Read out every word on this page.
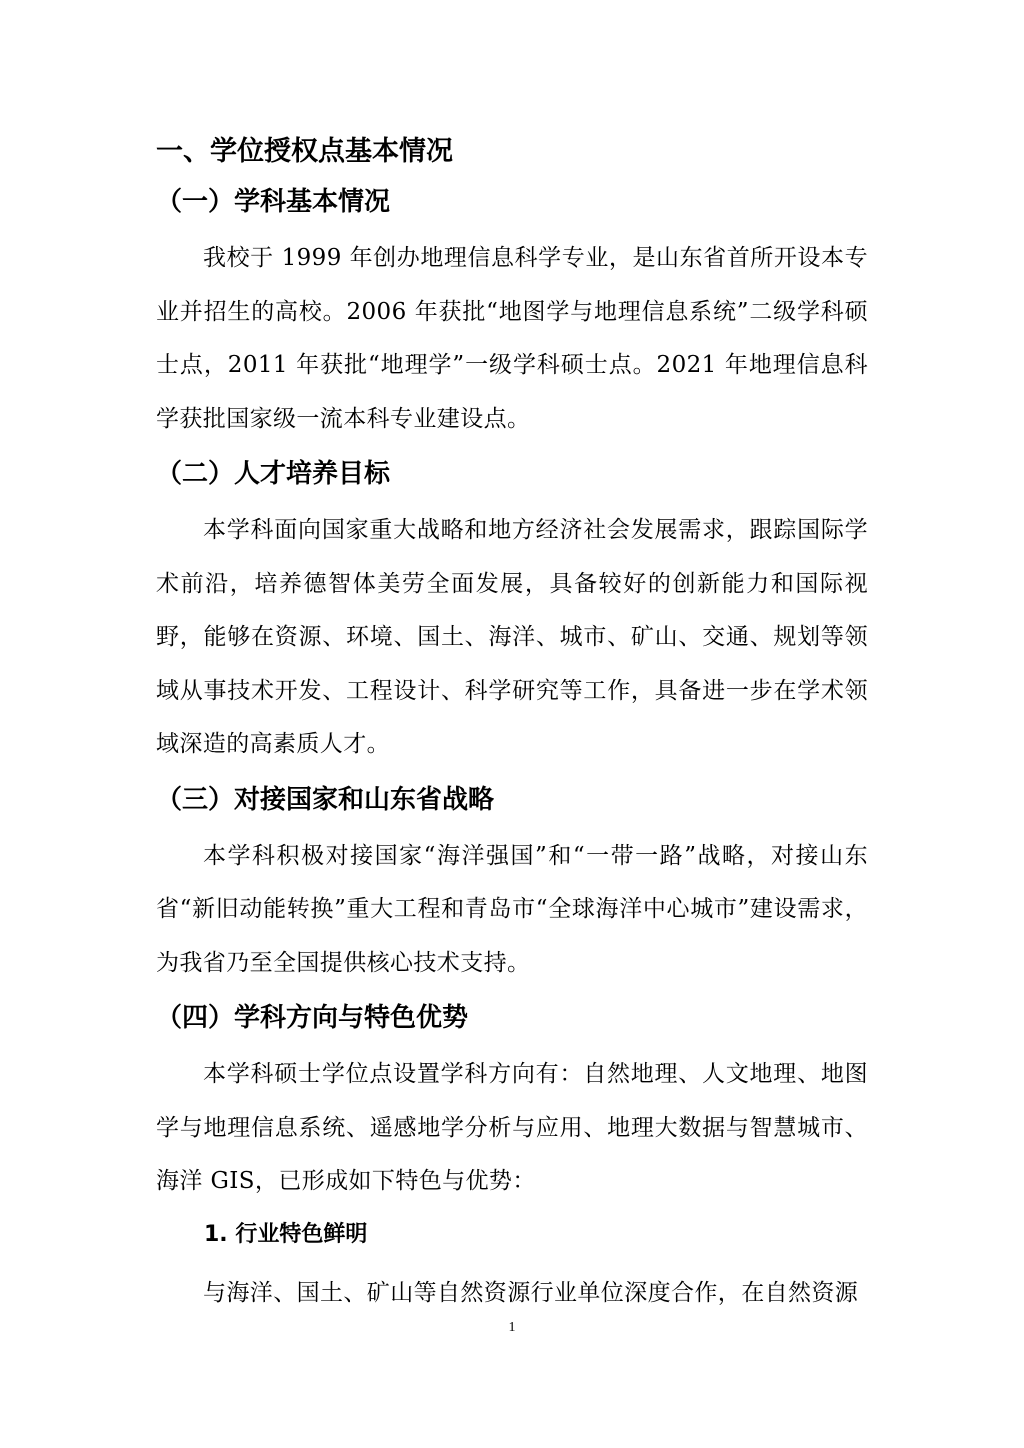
一、学位授权点基本情况
（一）学科基本情况

我校于 1999 年创办地理信息科学专业，是山东省首所开设本专业并招生的高校。2006 年获批“地图学与地理信息系统”二级学科硕士点，2011 年获批“地理学”一级学科硕士点。2021 年地理信息科学获批国家级一流本科专业建设点。

（二）人才培养目标

本学科面向国家重大战略和地方经济社会发展需求，跟踪国际学术前沿，培养德智体美劳全面发展，具备较好的创新能力和国际视野，能够在资源、环境、国土、海洋、城市、矿山、交通、规划等领域从事技术开发、工程设计、科学研究等工作，具备进一步在学术领域深造的高素质人才。

（三）对接国家和山东省战略

本学科积极对接国家“海洋强国”和“一带一路”战略，对接山东省“新旧动能转换”重大工程和青岛市“全球海洋中心城市”建设需求，为我省乃至全国提供核心技术支持。

（四）学科方向与特色优势

本学科硕士学位点设置学科方向有：自然地理、人文地理、地图学与地理信息系统、遥感地学分析与应用、地理大数据与智慧城市、海洋 GIS，已形成如下特色与优势：

1. 行业特色鲜明

与海洋、国土、矿山等自然资源行业单位深度合作，在自然资源

1
